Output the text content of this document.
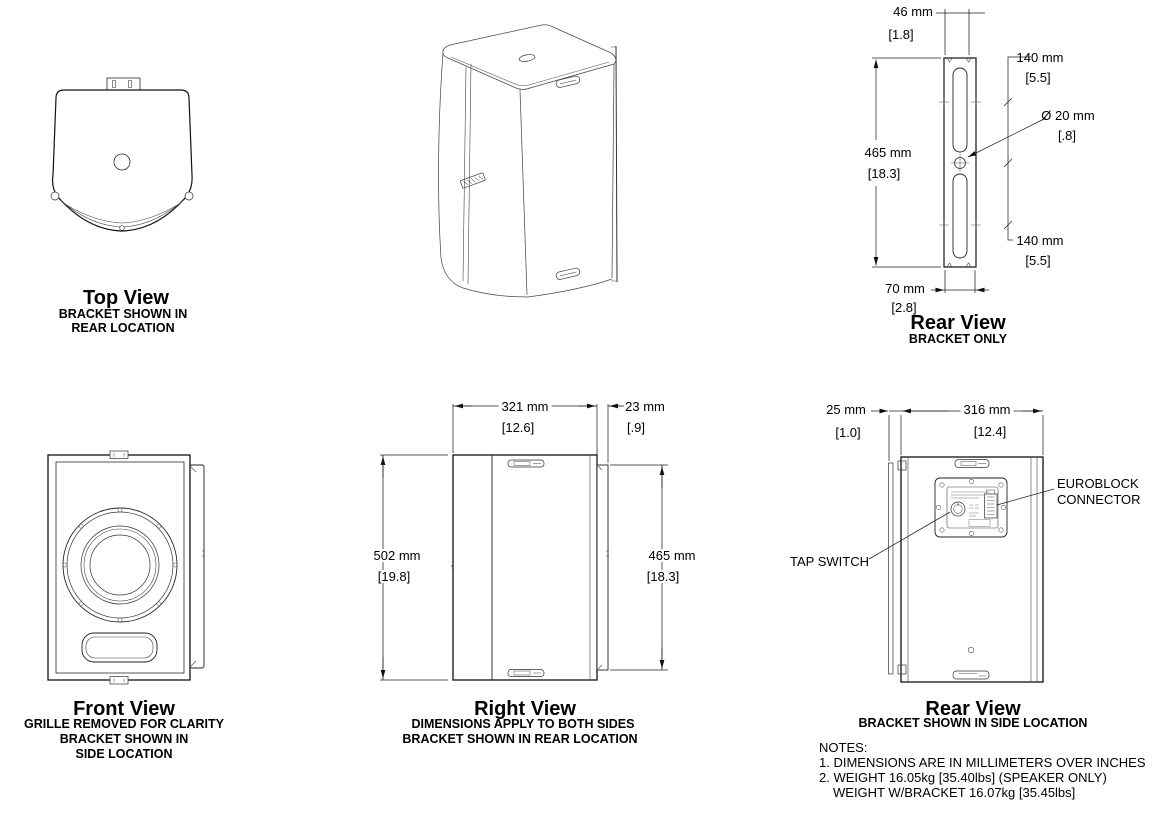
Top View
BRACKET SHOWN IN
REAR LOCATION
46 mm
[1.8]
140 mm
[5.5]
Ø 20 mm
[.8]
465 mm
[18.3]
140 mm
[5.5]
70 mm
[2.8]
Rear View
BRACKET ONLY
Front View
GRILLE REMOVED FOR CLARITY
BRACKET SHOWN IN
SIDE LOCATION
321 mm
[12.6]
23 mm
[.9]
502 mm
[19.8]
465 mm
[18.3]
Right View
DIMENSIONS APPLY TO BOTH SIDES
BRACKET SHOWN IN REAR LOCATION
25 mm
[1.0]
316 mm
[12.4]
TAP SWITCH
EUROBLOCK
CONNECTOR
Rear View
BRACKET SHOWN IN SIDE LOCATION
NOTES:
1. DIMENSIONS ARE IN MILLIMETERS OVER INCHES
2. WEIGHT 16.05kg [35.40lbs] (SPEAKER ONLY)
WEIGHT W/BRACKET 16.07kg [35.45lbs]
